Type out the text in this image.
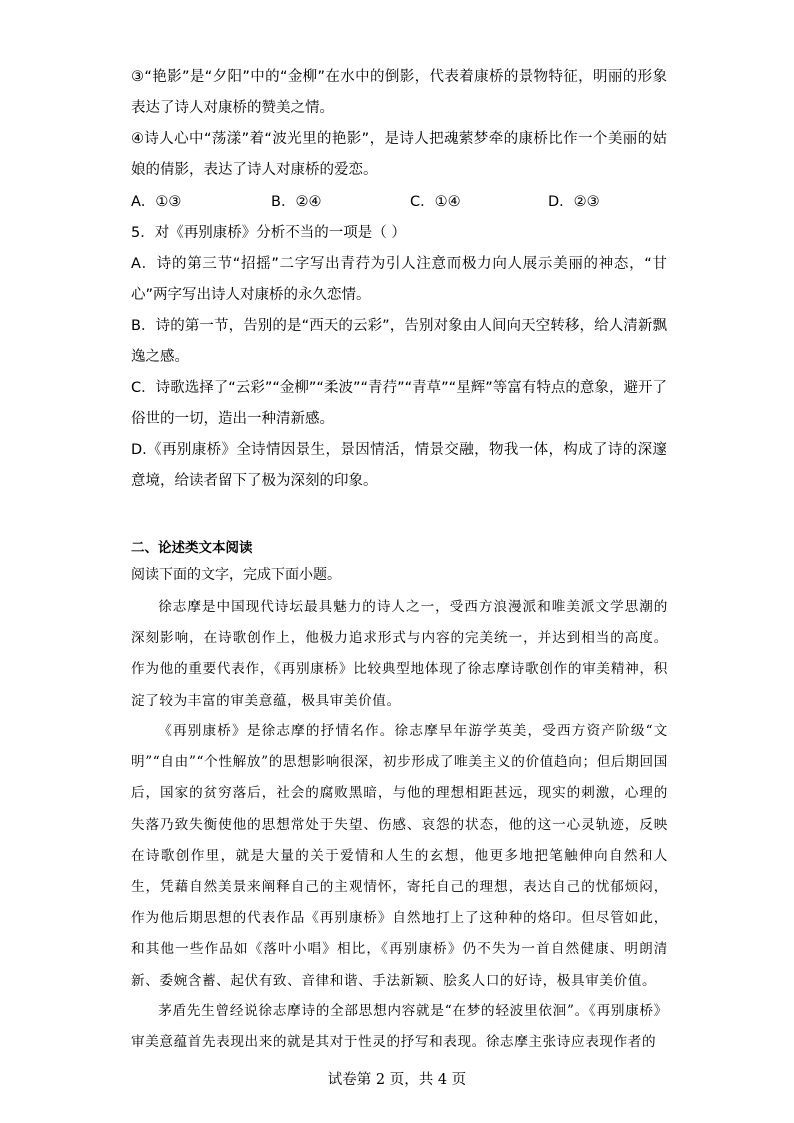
③“艳影”是“夕阳”中的“金柳”在水中的倒影，代表着康桥的景物特征，明丽的形象表达了诗人对康桥的赞美之情。
④诗人心中“荡漾”着“波光里的艳影”，是诗人把魂萦梦牵的康桥比作一个美丽的姑娘的倩影，表达了诗人对康桥的爱恋。
A．①③	B．②④	C．①④	D．②③
5．对《再别康桥》分析不当的一项是（ ）
A．诗的第三节“招摇”二字写出青荇为引人注意而极力向人展示美丽的神态，“甘心”两字写出诗人对康桥的永久恋情。
B．诗的第一节，告别的是“西天的云彩”，告别对象由人间向天空转移，给人清新飘逸之感。
C．诗歌选择了“云彩”“金柳”“柔波”“青荇”“青草”“星辉”等富有特点的意象，避开了俗世的一切，造出一种清新感。
D.《再别康桥》全诗情因景生，景因情活，情景交融，物我一体，构成了诗的深邃意境，给读者留下了极为深刻的印象。
二、论述类文本阅读
阅读下面的文字，完成下面小题。
徐志摩是中国现代诗坛最具魅力的诗人之一，受西方浪漫派和唯美派文学思潮的深刻影响，在诗歌创作上，他极力追求形式与内容的完美统一，并达到相当的高度。作为他的重要代表作，《再别康桥》比较典型地体现了徐志摩诗歌创作的审美精神，积淀了较为丰富的审美意蕴，极具审美价值。
《再别康桥》是徐志摩的抒情名作。徐志摩早年游学英美，受西方资产阶级“文明”“自由”“个性解放”的思想影响很深，初步形成了唯美主义的价值趋向；但后期回国后，国家的贫穷落后，社会的腐败黑暗，与他的理想相距甚远，现实的刺激，心理的失落乃致失衡使他的思想常处于失望、伤感、哀怨的状态，他的这一心灵轨迹，反映在诗歌创作里，就是大量的关于爱情和人生的玄想，他更多地把笔触伸向自然和人生，凭藉自然美景来阐释自己的主观情怀，寄托自己的理想，表达自己的忧郁烦闷，作为他后期思想的代表作品《再别康桥》自然地打上了这种种的烙印。但尽管如此，和其他一些作品如《落叶小唱》相比，《再别康桥》仍不失为一首自然健康、明朗清新、委婉含蓄、起伏有致、音律和谐、手法新颖、脍炙人口的好诗，极具审美价值。
茅盾先生曾经说徐志摩诗的全部思想内容就是“在梦的轻波里依洄”。《再别康桥》审美意蕴首先表现出来的就是其对于性灵的抒写和表现。徐志摩主张诗应表现作者的
试卷第 2 页，共 4 页
